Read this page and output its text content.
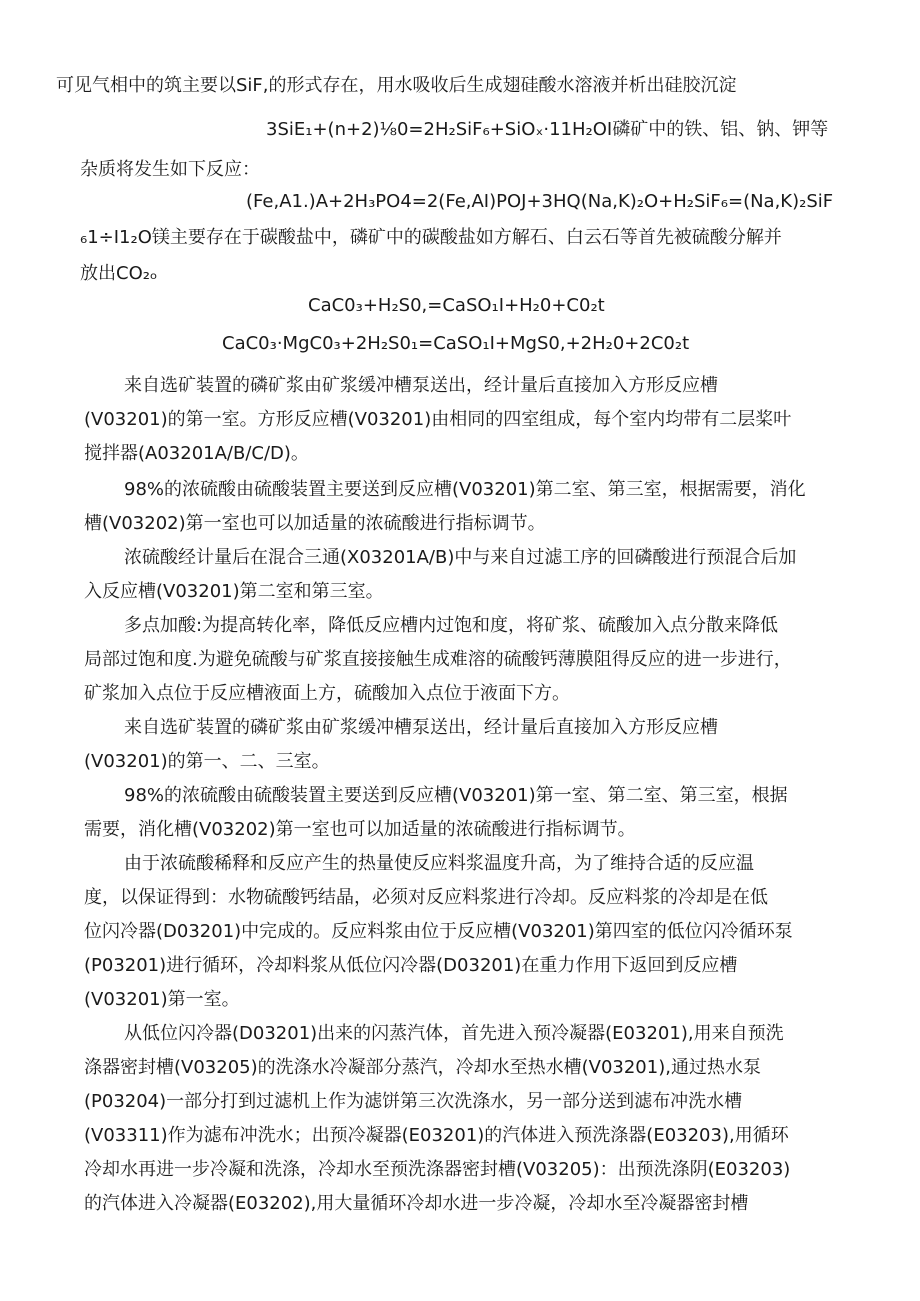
可见气相中的筑主要以SiF,的形式存在，用水吸收后生成翅硅酸水溶液并析出硅胶沉淀
3SiE₁+(n+2)⅛0=2H₂SiF₆+SiOₓ·11H₂OI磷矿中的铁、铝、钠、钾等
杂质将发生如下反应：
(Fe,A1.)A+2H₃PO4=2(Fe,AI)POJ+3HQ(Na,K)₂O+H₂SiF₆=(Na,K)₂SiF
₆1÷I1₂O镁主要存在于碳酸盐中，磷矿中的碳酸盐如方解石、白云石等首先被硫酸分解并
放出CO₂ₒ
CaC0₃+H₂S0,=CaSO₁I+H₂0+C0₂t
CaC0₃·MgC0₃+2H₂S0₁=CaSO₁I+MgS0,+2H₂0+2C0₂t
来自选矿装置的磷矿浆由矿浆缓冲槽泵送出，经计量后直接加入方形反应槽
(V03201)的第一室。方形反应槽(V03201)由相同的四室组成，每个室内均带有二层桨叶
搅拌器(A03201A∕B∕C∕D)。
98%的浓硫酸由硫酸装置主要送到反应槽(V03201)第二室、第三室，根据需要，消化
槽(V03202)第一室也可以加适量的浓硫酸进行指标调节。
浓硫酸经计量后在混合三通(X03201A/B)中与来自过滤工序的回磷酸进行预混合后加
入反应槽(V03201)第二室和第三室。
多点加酸:为提高转化率，降低反应槽内过饱和度，将矿浆、硫酸加入点分散来降低
局部过饱和度.为避免硫酸与矿浆直接接触生成难溶的硫酸钙薄膜阻得反应的进一步进行，
矿浆加入点位于反应槽液面上方，硫酸加入点位于液面下方。
来自选矿装置的磷矿浆由矿浆缓冲槽泵送出，经计量后直接加入方形反应槽
(V03201)的第一、二、三室。
98%的浓硫酸由硫酸装置主要送到反应槽(V03201)第一室、第二室、第三室，根据
需要，消化槽(V03202)第一室也可以加适量的浓硫酸进行指标调节。
由于浓硫酸稀释和反应产生的热量使反应料浆温度升高，为了维持合适的反应温
度，以保证得到：水物硫酸钙结晶，必须对反应料浆进行冷却。反应料浆的冷却是在低
位闪冷器(D03201)中完成的。反应料浆由位于反应槽(V03201)第四室的低位闪冷循环泵
(P03201)进行循环，冷却料浆从低位闪冷器(D03201)在重力作用下返回到反应槽
(V03201)第一室。
从低位闪冷器(D03201)出来的闪蒸汽体，首先进入预冷凝器(E03201),用来自预洗
涤器密封槽(V03205)的洗涤水冷凝部分蒸汽，冷却水至热水槽(V03201),通过热水泵
(P03204)一部分打到过滤机上作为滤饼第三次洗涤水，另一部分送到滤布冲洗水槽
(V03311)作为滤布冲洗水；出预冷凝器(E03201)的汽体进入预洗涤器(E03203),用循环
冷却水再进一步冷凝和洗涤，冷却水至预洗涤器密封槽(V03205)：出预洗涤阴(E03203)
的汽体进入冷凝器(E03202),用大量循环冷却水进一步冷凝，冷却水至冷凝器密封槽
